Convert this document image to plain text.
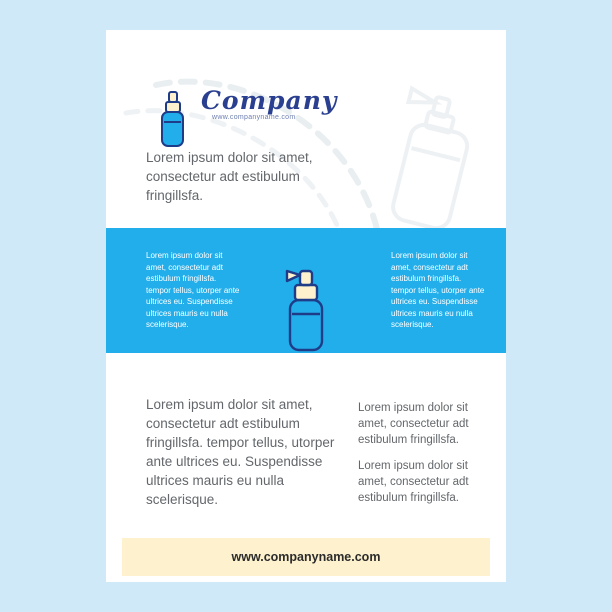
Company
www.companyname.com
Lorem ipsum dolor sit amet, consectetur adt estibulum fringillsfa.
Lorem ipsum dolor sit amet, consectetur adt estibulum fringillsfa. tempor tellus, utorper ante ultrices eu. Suspendisse ultrices mauris eu nulla scelerisque.
Lorem ipsum dolor sit amet, consectetur adt estibulum fringillsfa. tempor tellus, utorper ante ultrices eu. Suspendisse ultrices mauris eu nulla scelerisque.
Lorem ipsum dolor sit amet, consectetur adt estibulum fringillsfa. tempor tellus, utorper ante ultrices eu. Suspendisse ultrices mauris eu nulla scelerisque.
Lorem ipsum dolor sit amet, consectetur adt estibulum fringillsfa.
Lorem ipsum dolor sit amet, consectetur adt estibulum fringillsfa.
www.companyname.com
